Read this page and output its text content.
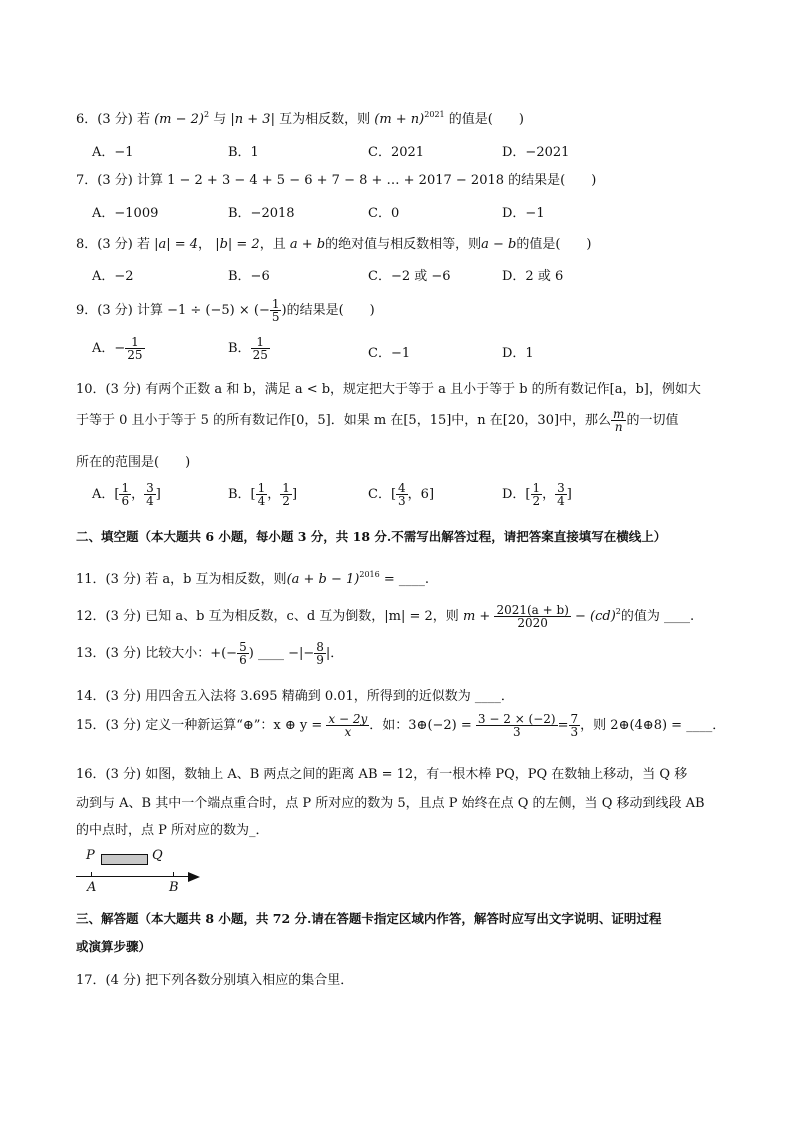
6．(3 分) 若 $(m - 2)^2$ 与 |n + 3| 互为相反数，则 $(m + n)^{2021}$ 的值是(　　)
A．−1	B．1	C．2021	D．−2021
7．(3 分) 计算 1 − 2 + 3 − 4 + 5 − 6 + 7 − 8 + … + 2017 − 2018 的结果是(　　)
A．−1009	B．−2018	C．0	D．−1
8．(3 分) 若 |a| = 4， |b| = 2，且 a + b的绝对值与相反数相等，则a − b的值是(　　)
A．−2	B．−6	C．−2 或 −6	D．2 或 6
9．(3 分) 计算 −1 ÷ (−5) × (− $\frac{1}{5}$ )的结果是(　　)
A．− $\frac{1}{25}$	B． $\frac{1}{25}$	C．−1	D．1
10．(3 分) 有两个正数 a 和 b，满足 a < b，规定把大于等于 a 且小于等于 b 的所有数记作[a，b]，例如大
于等于 0 且小于等于 5 的所有数记作[0，5]．如果 m 在[5，15]中，n 在[20，30]中，那么 $\frac{m}{n}$ 的一切值
所在的范围是(　　)
A．[ $\frac{1}{6}$ ， $\frac{3}{4}$ ]	B．[ $\frac{1}{4}$ ， $\frac{1}{2}$ ]	C．[ $\frac{4}{3}$ ，6]	D．[ $\frac{1}{2}$ ， $\frac{3}{4}$ ]
二、填空题（本大题共 6 小题，每小题 3 分，共 18 分.不需写出解答过程，请把答案直接填写在横线上）
11．(3 分) 若 a，b 互为相反数，则$(a + b - 1)^{2016}$ = ____.
12．(3 分) 已知 a、b 互为相反数，c、d 互为倒数，|m| = 2，则 $m + \frac{2021(a + b)}{2020} - (cd)^2$的值为 ____.
13．(3 分) 比较大小：+(− $\frac{5}{6}$ ) ____ −|− $\frac{8}{9}$ |．
14．(3 分) 用四舍五入法将 3.695 精确到 0.01，所得到的近似数为 ____．
15．(3 分) 定义一种新运算“⊕”：x ⊕ $y = \frac{x - 2y}{x}$ ．如：3⊕(−2) = $\frac{3 - 2 \times (-2)}{3} = \frac{7}{3}$ ，则 2⊕(4⊕8) = ____．
16．(3 分) 如图，数轴上 A、B 两点之间的距离 AB = 12，有一根木棒 PQ，PQ 在数轴上移动，当 Q 移
动到与 A、B 其中一个端点重合时，点 P 所对应的数为 5，且点 P 始终在点 Q 的左侧，当 Q 移动到线段 AB
的中点时，点 P 所对应的数为_．
P	Q
A	B
三、解答题（本大题共 8 小题，共 72 分.请在答题卡指定区域内作答，解答时应写出文字说明、证明过程
或演算步骤）
17．(4 分) 把下列各数分别填入相应的集合里．
